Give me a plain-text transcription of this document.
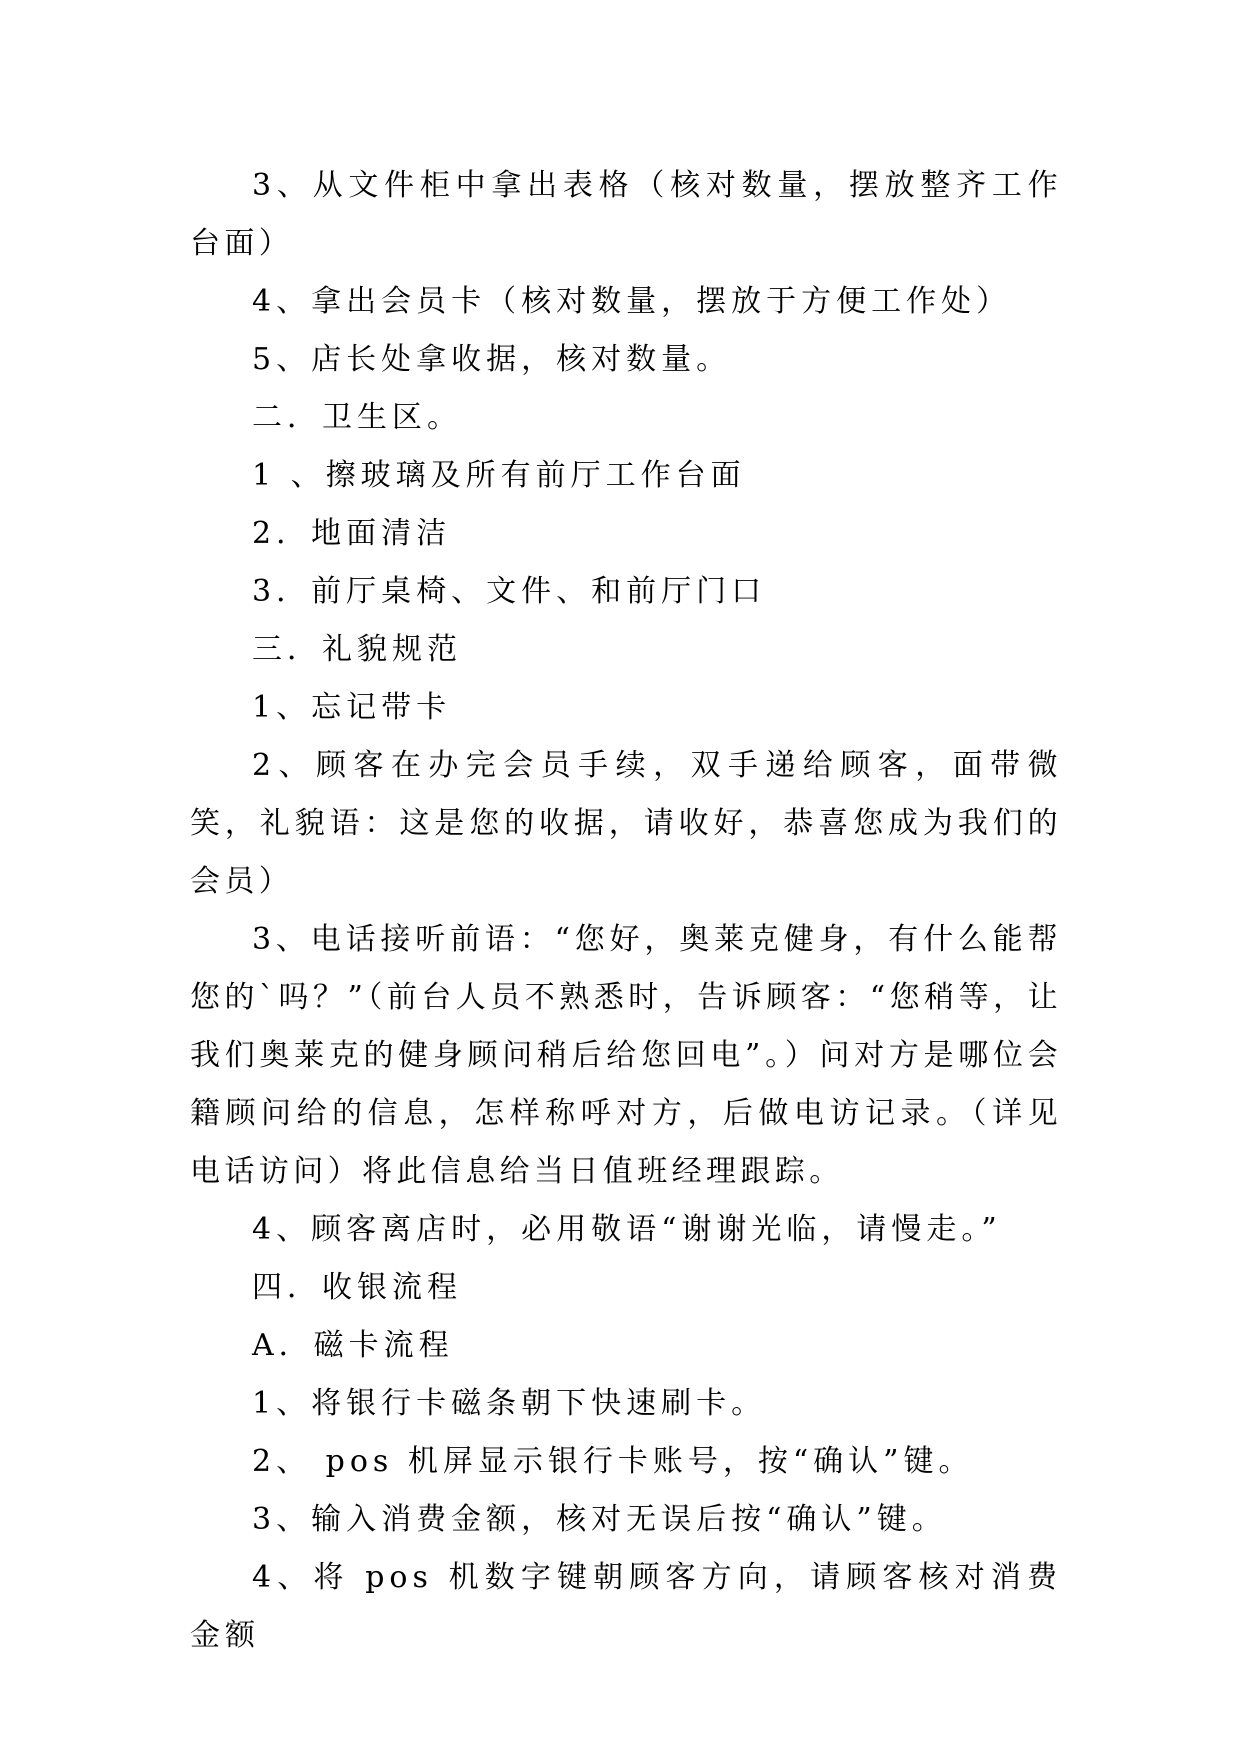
3、从文件柜中拿出表格（核对数量，摆放整齐工作台面）

4、拿出会员卡（核对数量，摆放于方便工作处）

5、店长处拿收据，核对数量。

二．卫生区。

1 、擦玻璃及所有前厅工作台面

2．地面清洁

3．前厅桌椅、文件、和前厅门口

三．礼貌规范

1、忘记带卡

2、顾客在办完会员手续，双手递给顾客，面带微笑，礼貌语：这是您的收据，请收好，恭喜您成为我们的会员）

3、电话接听前语：“您好，奥莱克健身，有什么能帮您的`吗？”（前台人员不熟悉时，告诉顾客：“您稍等，让我们奥莱克的健身顾问稍后给您回电”。）问对方是哪位会籍顾问给的信息，怎样称呼对方，后做电访记录。（详见电话访问）将此信息给当日值班经理跟踪。

4、顾客离店时，必用敬语“谢谢光临，请慢走。”

四．收银流程

A．磁卡流程

1、将银行卡磁条朝下快速刷卡。

2、 pos 机屏显示银行卡账号，按“确认”键。

3、输入消费金额，核对无误后按“确认”键。

4、将 pos 机数字键朝顾客方向，请顾客核对消费金额
